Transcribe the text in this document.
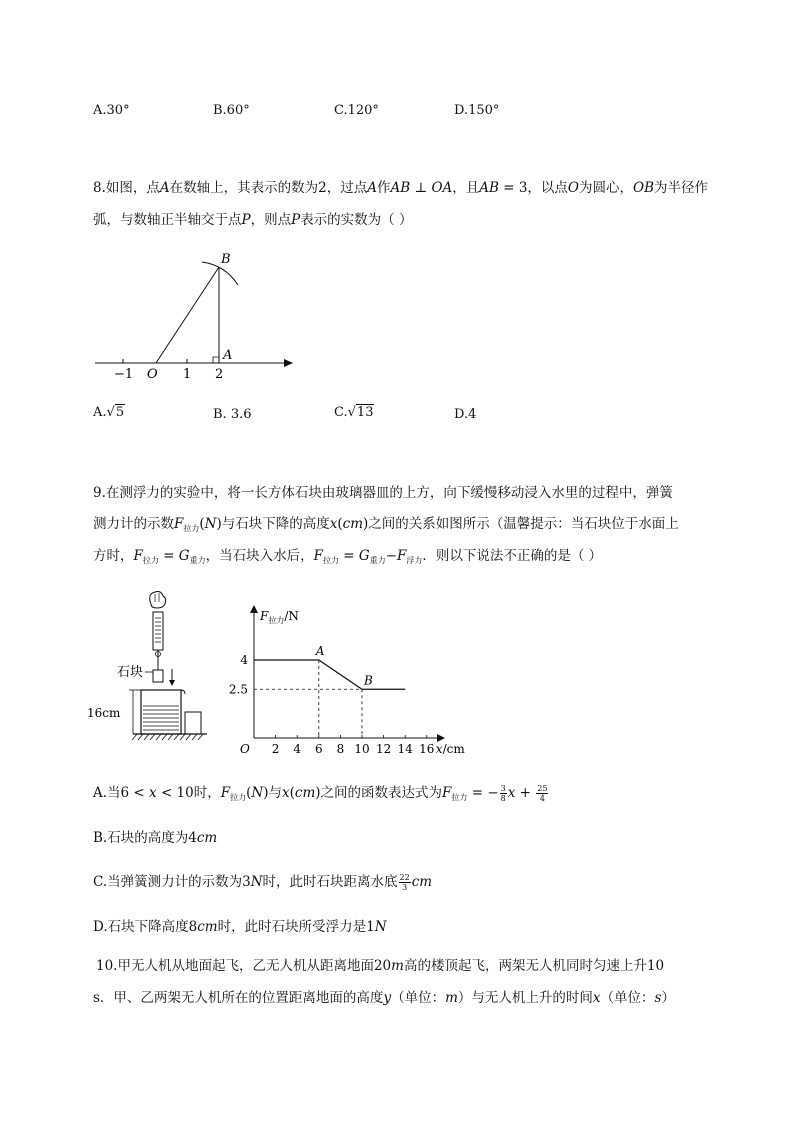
A.30°	B.60°	C.120°	D.150°
8.如图，点A在数轴上，其表示的数为2，过点A作AB ⊥ OA，且AB = 3，以点O为圆心，OB为半径作
弧，与数轴正半轴交于点P，则点P表示的实数为（ ）
B
A
O
−1	1 2
A.√5	B. 3.6	C.√13	D.4
9.在测浮力的实验中，将一长方体石块由玻璃器皿的上方，向下缓慢移动浸入水里的过程中，弹簧
测力计的示数$F_{拉力}(N)$与石块下降的高度x(cm)之间的关系如图所示（温馨提示：当石块位于水面上
方时，$F_{拉力} = G_{重力}$，当石块入水后，$F_{拉力} = G_{重力}-F_{浮力}$．则以下说法不正确的是（ ）
石块
16cm
$F_{拉力}/N$
x/cm
O 2 4 6 8 10 12 14 16
2.5
4
A
B
A.当6 < x < 10时，$F_{拉力}(N)$与x(cm)之间的函数表达式为$F_{拉力}$ = − $\frac{3}{8}$ $x + \frac{25}{4}$
B.石块的高度为4cm
C.当弹簧测力计的示数为3N时，此时石块距离水底 $\frac{22}{3}$ cm
D.石块下降高度8cm时，此时石块所受浮力是1N
10.甲无人机从地面起飞，乙无人机从距离地面20m高的楼顶起飞，两架无人机同时匀速上升10
s．甲、乙两架无人机所在的位置距离地面的高度y（单位：m）与无人机上升的时间x（单位：s）
